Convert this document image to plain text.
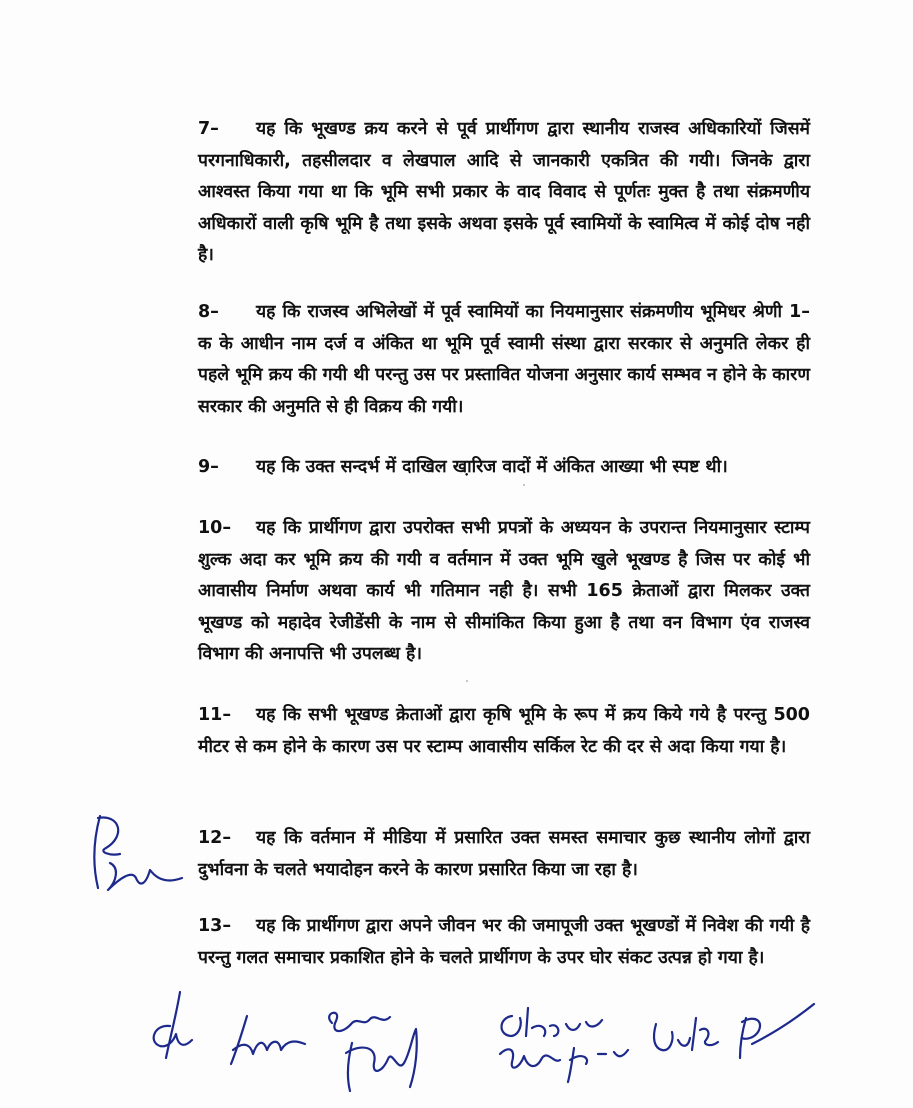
7– यह कि भूखण्ड क्रय करने से पूर्व प्रार्थीगण द्वारा स्थानीय राजस्व अधिकारियों जिसमें परगनाधिकारी, तहसीलदार व लेखपाल आदि से जानकारी एकत्रित की गयी। जिनके द्वारा आश्वस्त किया गया था कि भूमि सभी प्रकार के वाद विवाद से पूर्णतः मुक्त है तथा संक्रमणीय अधिकारों वाली कृषि भूमि है तथा इसके अथवा इसके पूर्व स्वामियों के स्वामित्व में कोई दोष नही है।
8– यह कि राजस्व अभिलेखों में पूर्व स्वामियों का नियमानुसार संक्रमणीय भूमिधर श्रेणी 1–क के आधीन नाम दर्ज व अंकित था भूमि पूर्व स्वामी संस्था द्वारा सरकार से अनुमति लेकर ही पहले भूमि क्रय की गयी थी परन्तु उस पर प्रस्तावित योजना अनुसार कार्य सम्भव न होने के कारण सरकार की अनुमति से ही विक्रय की गयी।
9– यह कि उक्त सन्दर्भ में दाखिल खा़रिज वादों में अंकित आख्या भी स्पष्ट थी।
10– यह कि प्रार्थीगण द्वारा उपरोक्त सभी प्रपत्रों के अध्ययन के उपरान्त नियमानुसार स्टाम्प शुल्क अदा कर भूमि क्रय की गयी व वर्तमान में उक्त भूमि खुले भूखण्ड है जिस पर कोई भी आवासीय निर्माण अथवा कार्य भी गतिमान नही है। सभी 165 क्रेताओं द्वारा मिलकर उक्त भूखण्ड को महादेव रेजीडेंसी के नाम से सीमांकित किया हुआ है तथा वन विभाग एंव राजस्व विभाग की अनापत्ति भी उपलब्ध है।
11– यह कि सभी भूखण्ड क्रेताओं द्वारा कृषि भूमि के रूप में क्रय किये गये है परन्तु 500 मीटर से कम होने के कारण उस पर स्टाम्प आवासीय सर्किल रेट की दर से अदा किया गया है।
12– यह कि वर्तमान में मीडिया में प्रसारित उक्त समस्त समाचार कुछ स्थानीय लोगों द्वारा दुर्भावना के चलते भयादोहन करने के कारण प्रसारित किया जा रहा है।
13– यह कि प्रार्थीगण द्वारा अपने जीवन भर की जमापूजी उक्त भूखण्डों में निवेश की गयी है परन्तु गलत समाचार प्रकाशित होने के चलते प्रार्थीगण के उपर घोर संकट उत्पन्न हो गया है।
